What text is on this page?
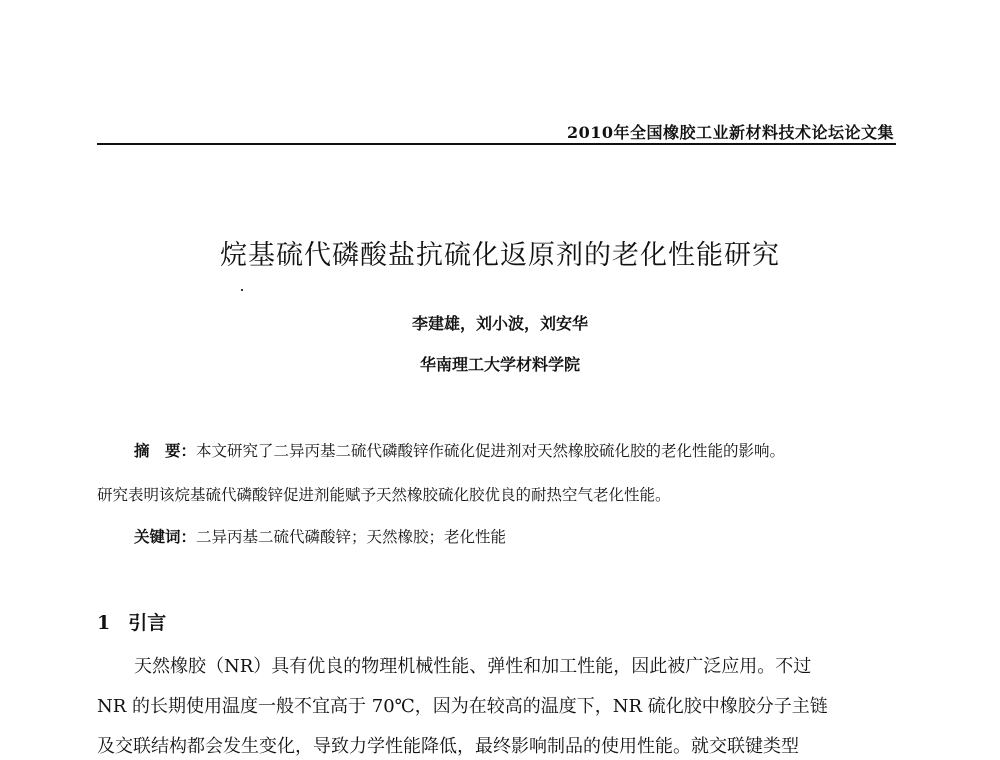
2010年全国橡胶工业新材料技术论坛论文集
烷基硫代磷酸盐抗硫化返原剂的老化性能研究
李建雄，刘小波，刘安华
华南理工大学材料学院
摘　要：本文研究了二异丙基二硫代磷酸锌作硫化促进剂对天然橡胶硫化胶的老化性能的影响。
研究表明该烷基硫代磷酸锌促进剂能赋予天然橡胶硫化胶优良的耐热空气老化性能。
关键词：二异丙基二硫代磷酸锌；天然橡胶；老化性能
1 引言
天然橡胶（NR）具有优良的物理机械性能、弹性和加工性能，因此被广泛应用。不过
NR 的长期使用温度一般不宜高于 70℃，因为在较高的温度下，NR 硫化胶中橡胶分子主链
及交联结构都会发生变化，导致力学性能降低，最终影响制品的使用性能。就交联键类型
